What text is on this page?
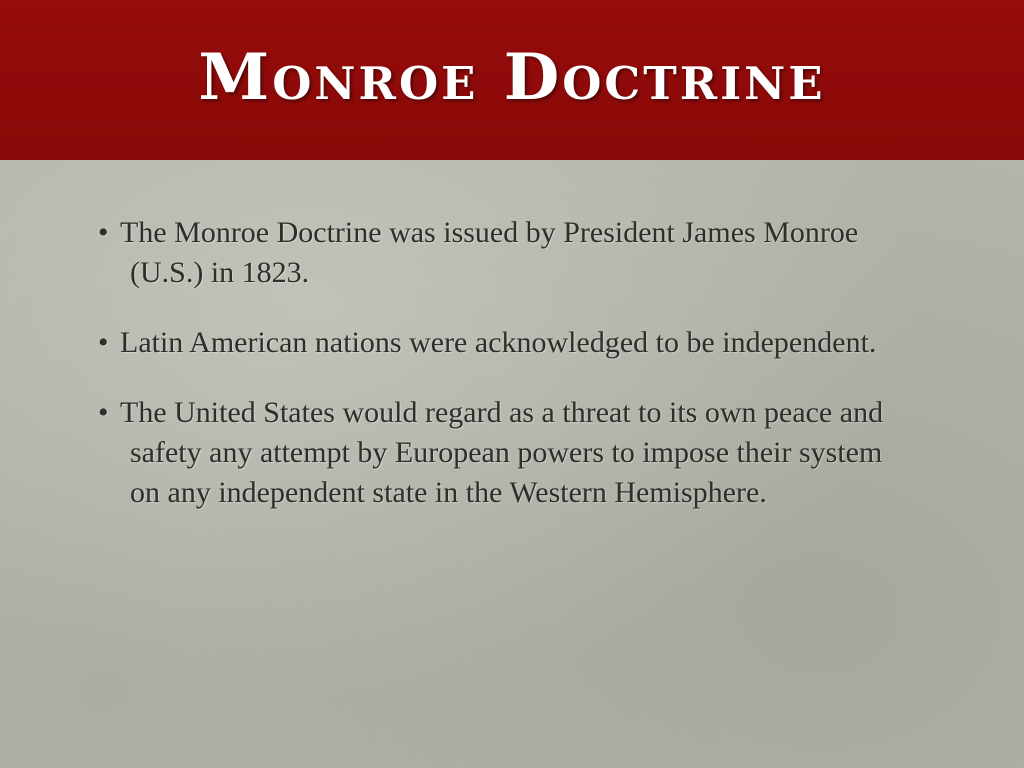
Monroe Doctrine
• The Monroe Doctrine was issued by President James Monroe (U.S.) in 1823.
• Latin American nations were acknowledged to be independent.
• The United States would regard as a threat to its own peace and safety any attempt by European powers to impose their system on any independent state in the Western Hemisphere.
